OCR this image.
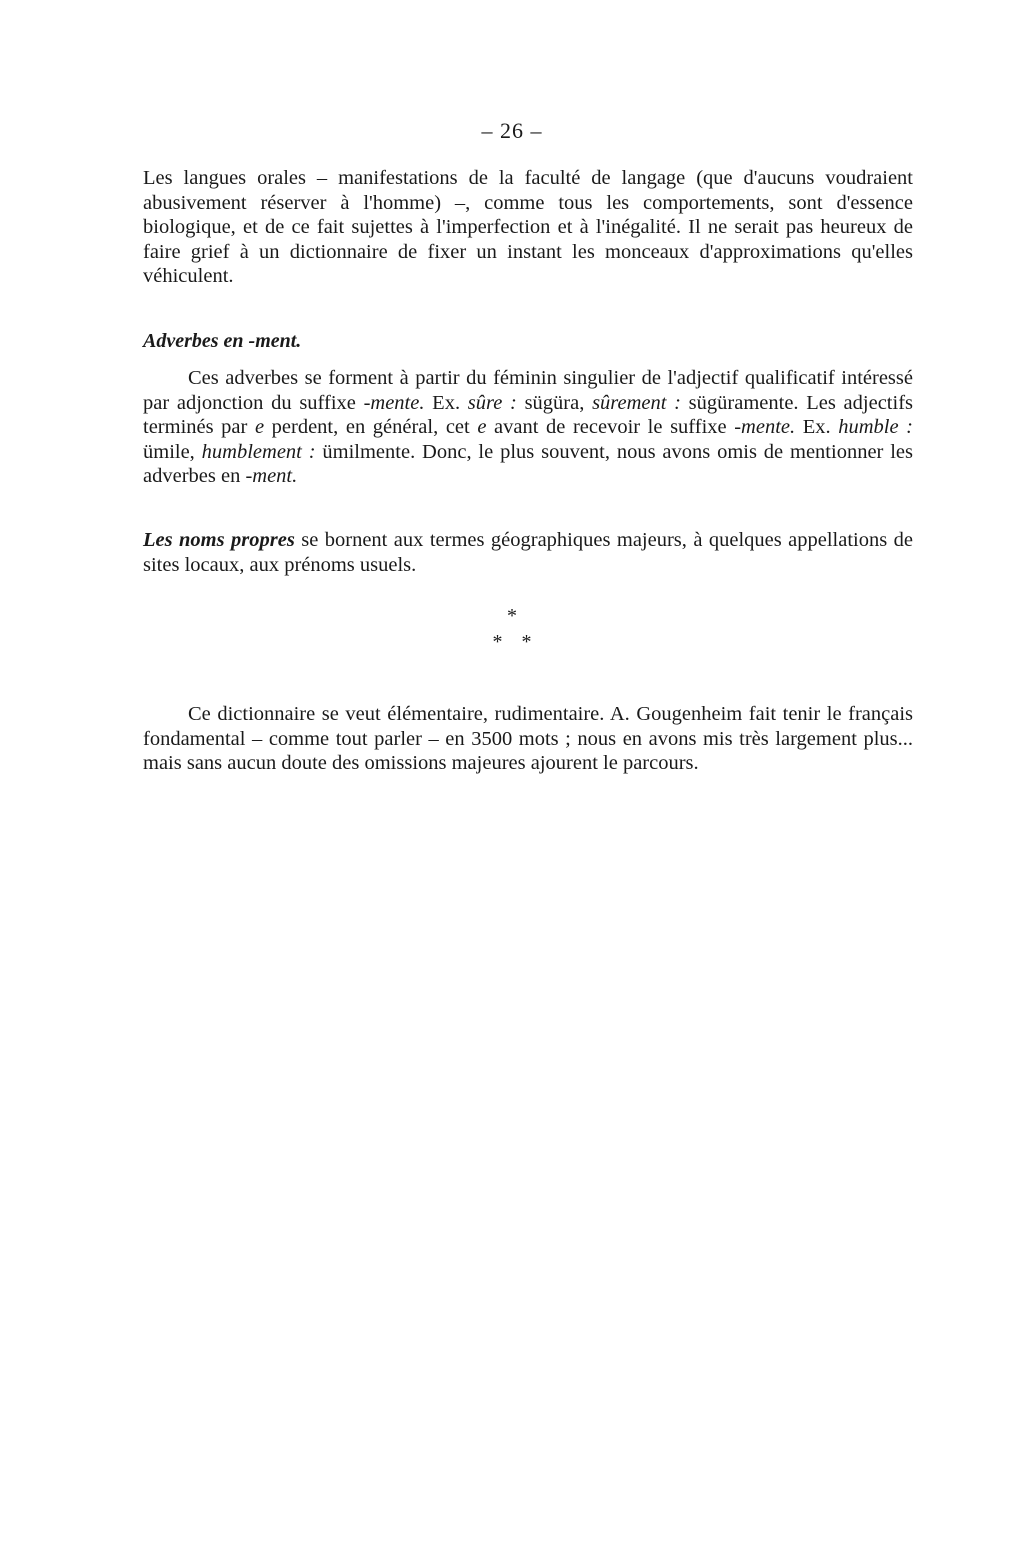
– 26 –

Les langues orales – manifestations de la faculté de langage (que d'aucuns voudraient abusivement réserver à l'homme) –, comme tous les comportements, sont d'essence biologique, et de ce fait sujettes à l'imperfection et à l'inégalité. Il ne serait pas heureux de faire grief à un dictionnaire de fixer un instant les monceaux d'approximations qu'elles véhiculent.

Adverbes en -ment.

Ces adverbes se forment à partir du féminin singulier de l'adjectif qualificatif intéressé par adjonction du suffixe -mente. Ex. sûre : sügüra, sûrement : sügüramente. Les adjectifs terminés par e perdent, en général, cet e avant de recevoir le suffixe -mente. Ex. humble : ümile, humblement : ümilmente. Donc, le plus souvent, nous avons omis de mentionner les adverbes en -ment.

Les noms propres se bornent aux termes géographiques majeurs, à quelques appellations de sites locaux, aux prénoms usuels.

*
* *

Ce dictionnaire se veut élémentaire, rudimentaire. A. Gougenheim fait tenir le français fondamental – comme tout parler – en 3500 mots ; nous en avons mis très largement plus... mais sans aucun doute des omissions majeures ajourent le parcours.
